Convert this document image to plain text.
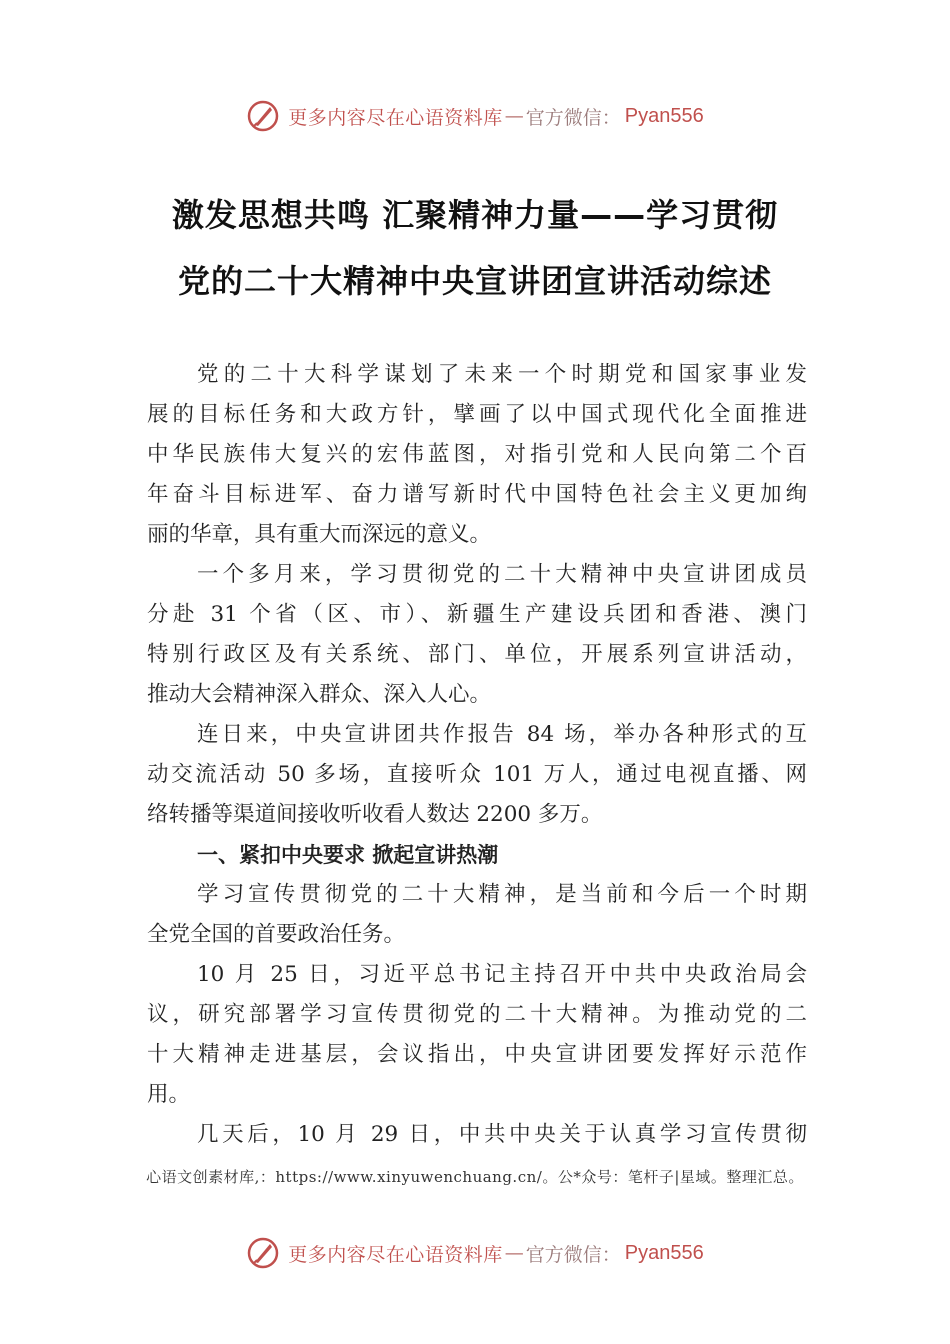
更多内容尽在心语资料库 — 官方微信： Pyan556
激发思想共鸣 汇聚精神力量——学习贯彻
党的二十大精神中央宣讲团宣讲活动综述
党的二十大科学谋划了未来一个时期党和国家事业发
展的目标任务和大政方针，擘画了以中国式现代化全面推进
中华民族伟大复兴的宏伟蓝图，对指引党和人民向第二个百
年奋斗目标进军、奋力谱写新时代中国特色社会主义更加绚
丽的华章，具有重大而深远的意义。
一个多月来，学习贯彻党的二十大精神中央宣讲团成员
分赴 31 个省（区、市）、新疆生产建设兵团和香港、澳门
特别行政区及有关系统、部门、单位，开展系列宣讲活动，
推动大会精神深入群众、深入人心。
连日来，中央宣讲团共作报告 84 场，举办各种形式的互
动交流活动 50 多场，直接听众 101 万人，通过电视直播、网
络转播等渠道间接收听收看人数达 2200 多万。
一、紧扣中央要求 掀起宣讲热潮
学习宣传贯彻党的二十大精神，是当前和今后一个时期
全党全国的首要政治任务。
10 月 25 日，习近平总书记主持召开中共中央政治局会
议，研究部署学习宣传贯彻党的二十大精神。为推动党的二
十大精神走进基层，会议指出，中央宣讲团要发挥好示范作
用。
几天后，10 月 29 日，中共中央关于认真学习宣传贯彻
心语文创素材库,：https://www.xinyuwenchuang.cn/。公*众号：笔杆子|星域。整理汇总。
更多内容尽在心语资料库 — 官方微信： Pyan556
